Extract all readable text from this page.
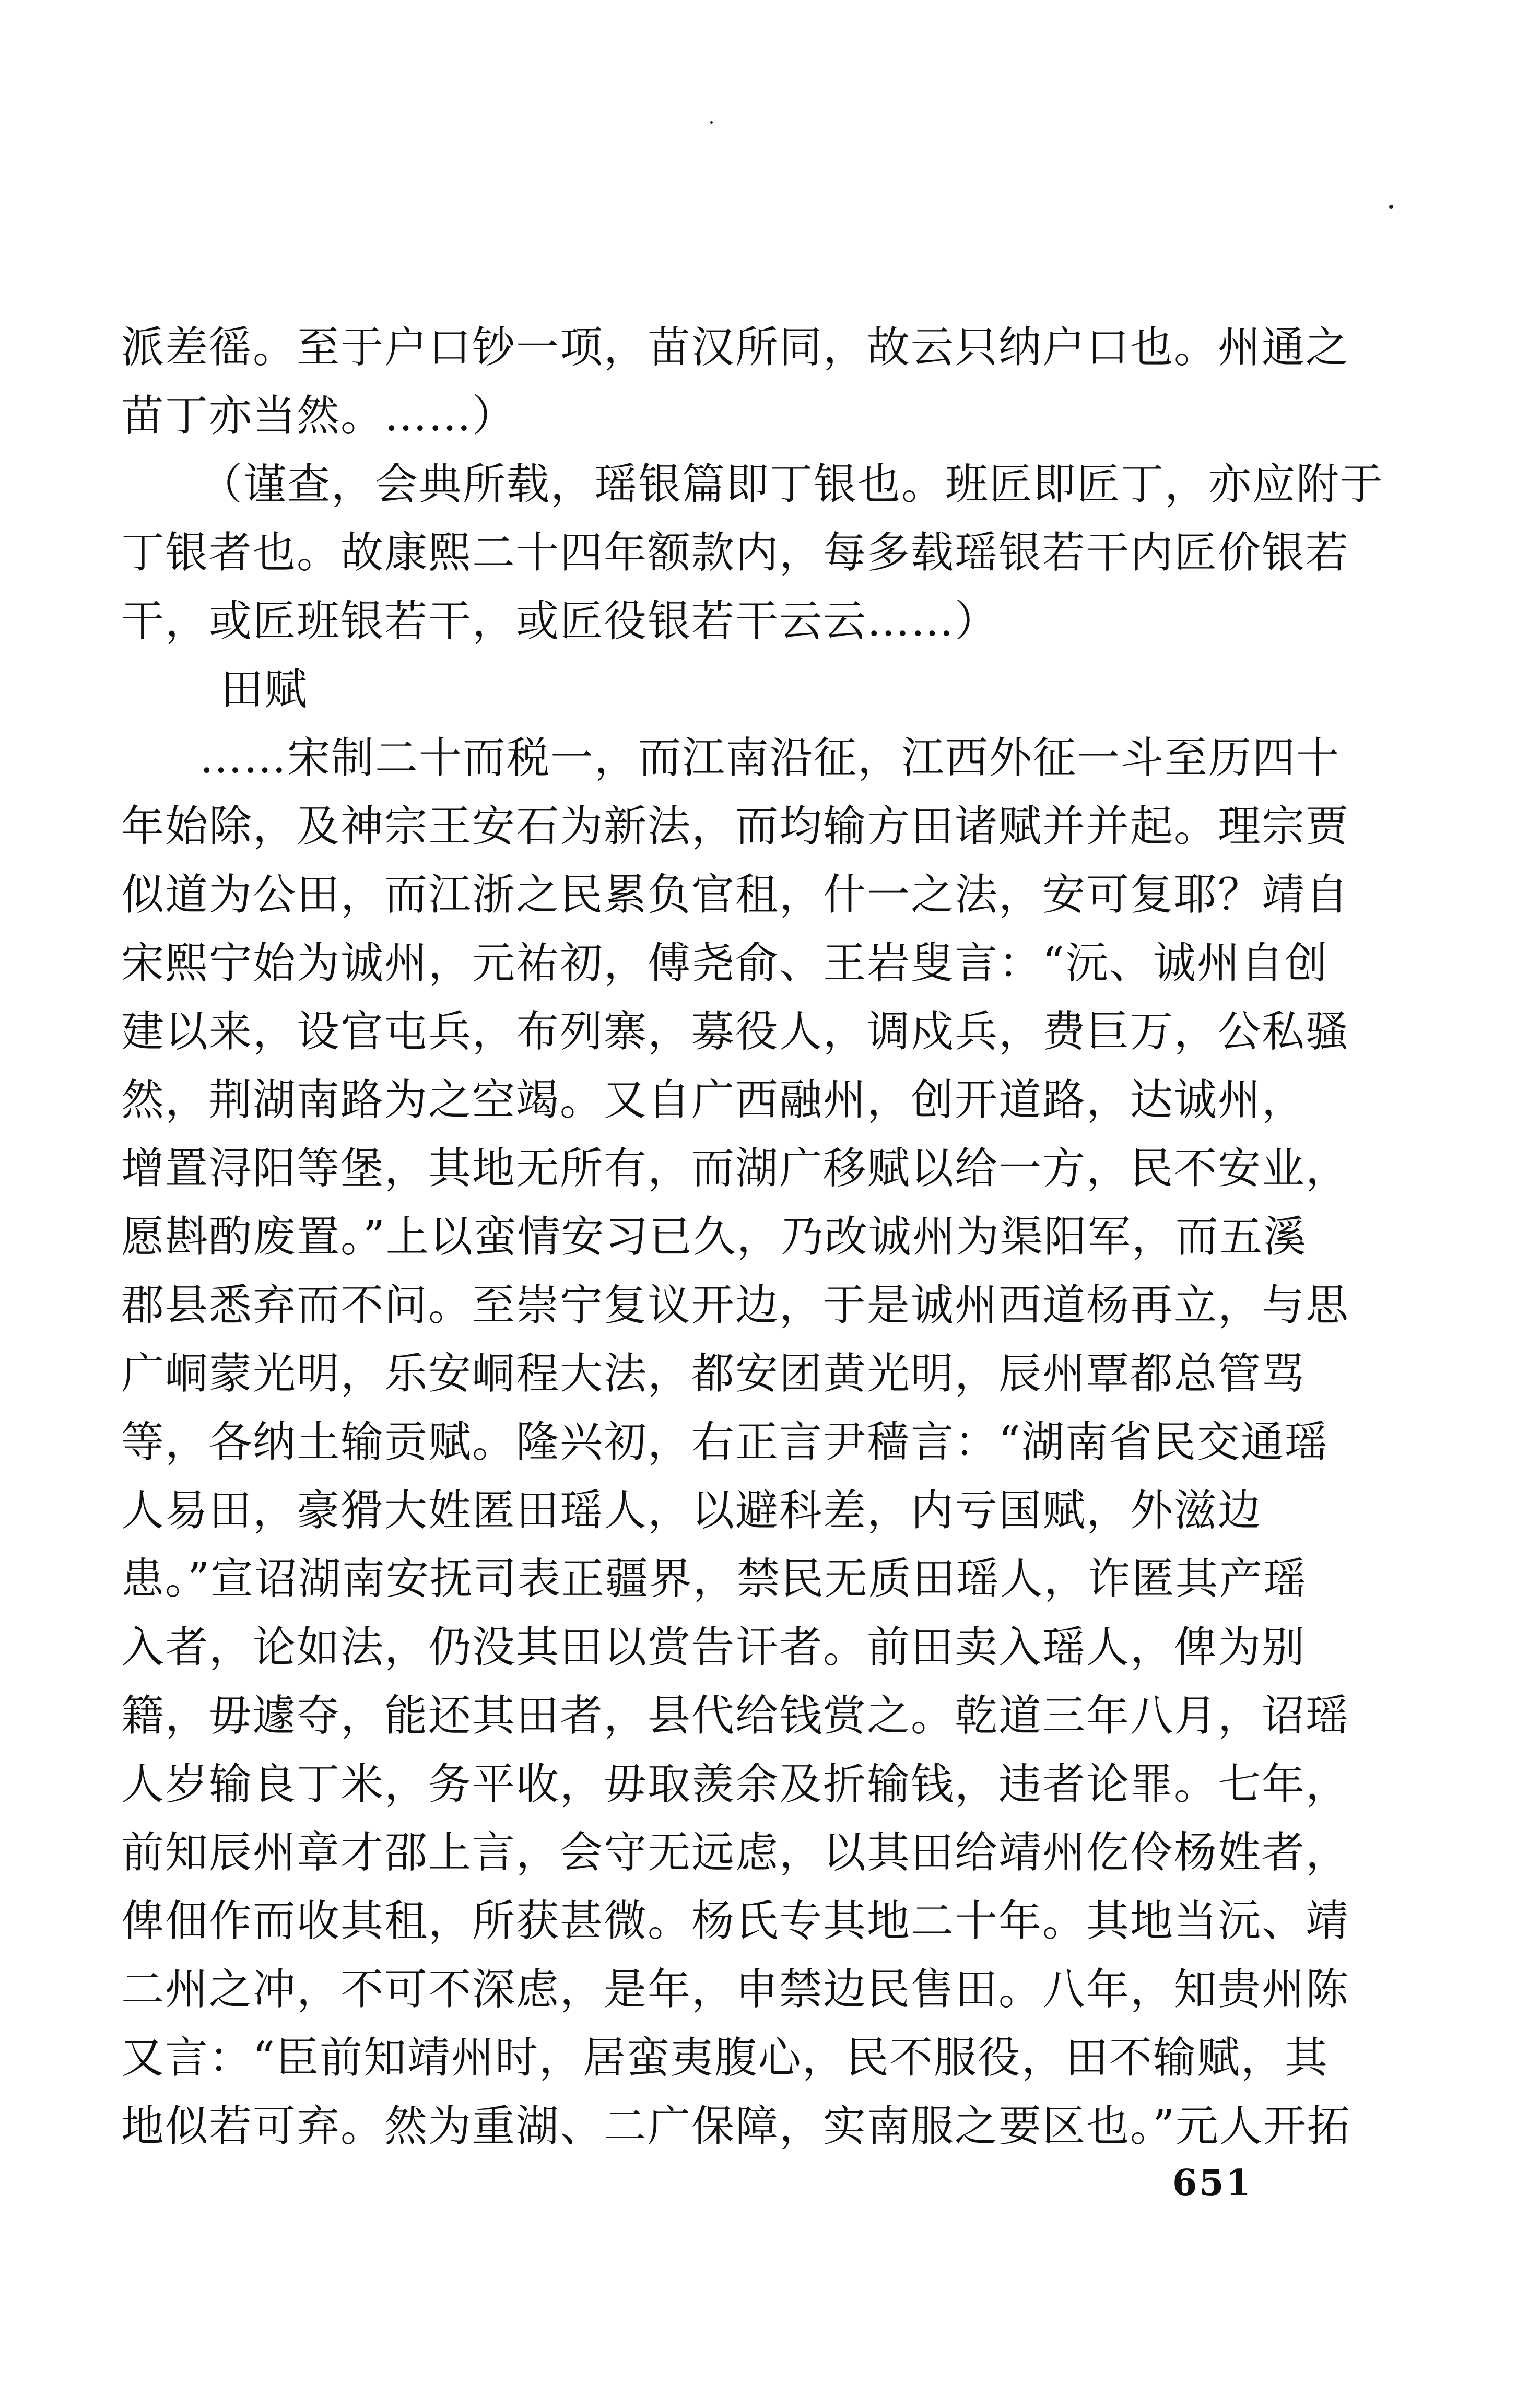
派差徭。至于户口钞一项，苗汉所同，故云只纳户口也。州通之
苗丁亦当然。……）
（谨查，会典所载，瑶银篇即丁银也。班匠即匠丁，亦应附于
丁银者也。故康熙二十四年额款内，每多载瑶银若干内匠价银若
干，或匠班银若干，或匠役银若干云云……）
田赋
……宋制二十而税一，而江南沿征，江西外征一斗至历四十
年始除，及神宗王安石为新法，而均输方田诸赋并并起。理宗贾
似道为公田，而江浙之民累负官租，什一之法，安可复耶？靖自
宋熙宁始为诚州，元祐初，傅尧俞、王岩叟言：“沅、诚州自创
建以来，设官屯兵，布列寨，募役人，调戍兵，费巨万，公私骚
然，荆湖南路为之空竭。又自广西融州，创开道路，达诚州，
增置浔阳等堡，其地无所有，而湖广移赋以给一方，民不安业，
愿斟酌废置。”上以蛮情安习已久，乃改诚州为渠阳军，而五溪
郡县悉弃而不问。至崇宁复议开边，于是诚州西道杨再立，与思
广峒蒙光明，乐安峒程大法，都安团黄光明，辰州覃都总管骂
等，各纳土输贡赋。隆兴初，右正言尹穑言：“湖南省民交通瑶
人易田，豪猾大姓匿田瑶人，以避科差，内亏国赋，外滋边
患。”宣诏湖南安抚司表正疆界，禁民无质田瑶人，诈匿其产瑶
入者，论如法，仍没其田以赏告讦者。前田卖入瑶人，俾为别
籍，毋遽夺，能还其田者，县代给钱赏之。乾道三年八月，诏瑶
人岁输良丁米，务平收，毋取羡余及折输钱，违者论罪。七年，
前知辰州章才邵上言，会守无远虑，以其田给靖州仡伶杨姓者，
俾佃作而收其租，所获甚微。杨氏专其地二十年。其地当沅、靖
二州之冲，不可不深虑，是年，申禁边民售田。八年，知贵州陈
又言：“臣前知靖州时，居蛮夷腹心，民不服役，田不输赋，其
地似若可弃。然为重湖、二广保障，实南服之要区也。”元人开拓
651
